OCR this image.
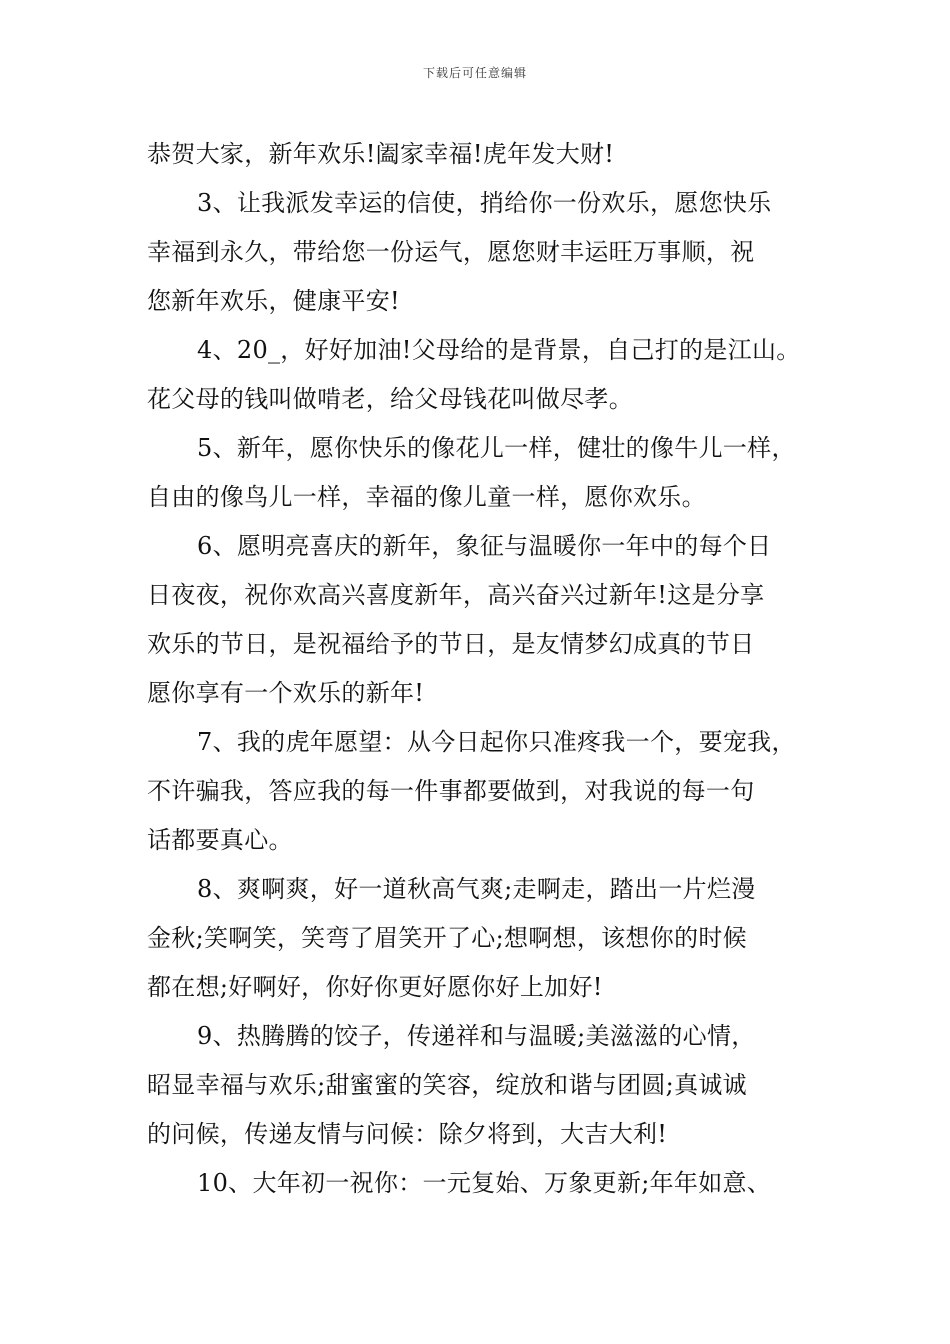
下载后可任意编辑
恭贺大家，新年欢乐!阖家幸福!虎年发大财!
3、让我派发幸运的信使，捎给你一份欢乐，愿您快乐
幸福到永久，带给您一份运气，愿您财丰运旺万事顺，祝
您新年欢乐，健康平安!
4、20_，好好加油!父母给的是背景，自己打的是江山。
花父母的钱叫做啃老，给父母钱花叫做尽孝。
5、新年，愿你快乐的像花儿一样，健壮的像牛儿一样，
自由的像鸟儿一样，幸福的像儿童一样，愿你欢乐。
6、愿明亮喜庆的新年，象征与温暖你一年中的每个日
日夜夜，祝你欢高兴喜度新年，高兴奋兴过新年!这是分享
欢乐的节日，是祝福给予的节日，是友情梦幻成真的节日
愿你享有一个欢乐的新年!
7、我的虎年愿望：从今日起你只准疼我一个，要宠我，
不许骗我，答应我的每一件事都要做到，对我说的每一句
话都要真心。
8、爽啊爽，好一道秋高气爽;走啊走，踏出一片烂漫
金秋;笑啊笑，笑弯了眉笑开了心;想啊想，该想你的时候
都在想;好啊好，你好你更好愿你好上加好!
9、热腾腾的饺子，传递祥和与温暖;美滋滋的心情，
昭显幸福与欢乐;甜蜜蜜的笑容，绽放和谐与团圆;真诚诚
的问候，传递友情与问候：除夕将到，大吉大利!
10、大年初一祝你：一元复始、万象更新;年年如意、
